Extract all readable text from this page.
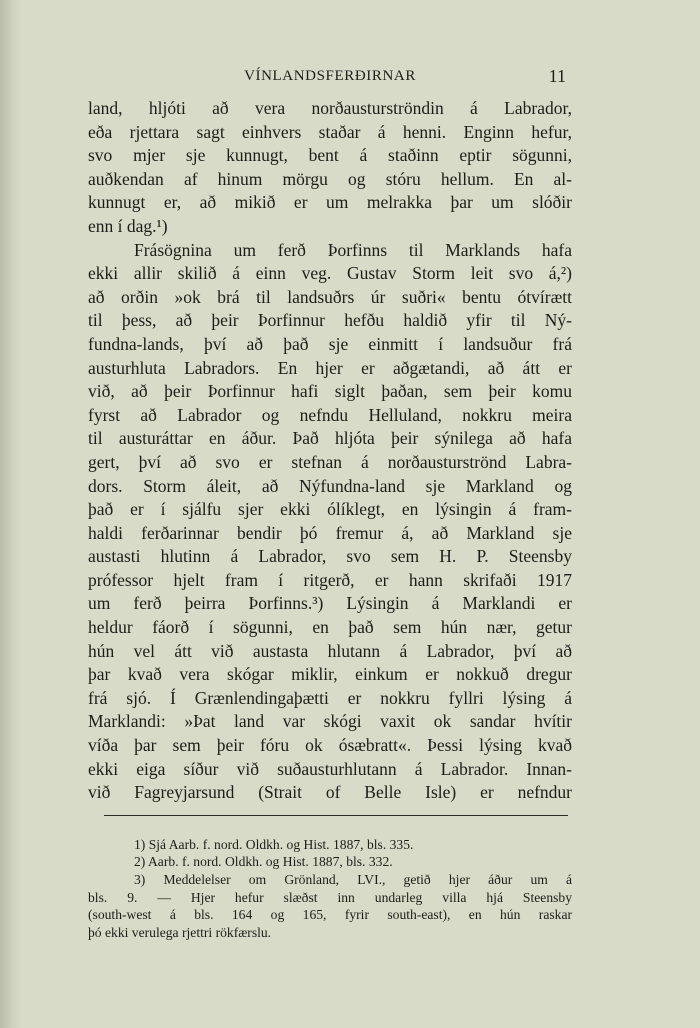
VÍNLANDSFERÐIRNAR	11
land, hljóti að vera norðausturströndin á Labrador,
eða rjettara sagt einhvers staðar á henni. Enginn hefur,
svo mjer sje kunnugt, bent á staðinn eptir sögunni,
auðkendan af hinum mörgu og stóru hellum. En al-
kunnugt er, að mikið er um melrakka þar um slóðir
enn í dag.¹)
Frásögnina um ferð Þorfinns til Marklands hafa
ekki allir skilið á einn veg. Gustav Storm leit svo á,²)
að orðin »ok brá til landsuðrs úr suðri« bentu ótvírætt
til þess, að þeir Þorfinnur hefðu haldið yfir til Ný-
fundna-lands, því að það sje einmitt í landsuður frá
austurhluta Labradors. En hjer er aðgætandi, að átt er
við, að þeir Þorfinnur hafi siglt þaðan, sem þeir komu
fyrst að Labrador og nefndu Helluland, nokkru meira
til austuráttar en áður. Það hljóta þeir sýnilega að hafa
gert, því að svo er stefnan á norðausturströnd Labra-
dors. Storm áleit, að Nýfundna-land sje Markland og
það er í sjálfu sjer ekki ólíklegt, en lýsingin á fram-
haldi ferðarinnar bendir þó fremur á, að Markland sje
austasti hlutinn á Labrador, svo sem H. P. Steensby
prófessor hjelt fram í ritgerð, er hann skrifaði 1917
um ferð þeirra Þorfinns.³) Lýsingin á Marklandi er
heldur fáorð í sögunni, en það sem hún nær, getur
hún vel átt við austasta hlutann á Labrador, því að
þar kvað vera skógar miklir, einkum er nokkuð dregur
frá sjó. Í Grænlendingaþætti er nokkru fyllri lýsing á
Marklandi: »Þat land var skógi vaxit ok sandar hvítir
víða þar sem þeir fóru ok ósæbratt«. Þessi lýsing kvað
ekki eiga síður við suðausturhlutann á Labrador. Innan-
við Fagreyjarsund (Strait of Belle Isle) er nefndur
1) Sjá Aarb. f. nord. Oldkh. og Hist. 1887, bls. 335.
2) Aarb. f. nord. Oldkh. og Hist. 1887, bls. 332.
3) Meddelelser om Grönland, LVI., getið hjer áður um á
bls. 9. — Hjer hefur slæðst inn undarleg villa hjá Steensby
(south-west á bls. 164 og 165, fyrir south-east), en hún raskar
þó ekki verulega rjettri rökfærslu.
